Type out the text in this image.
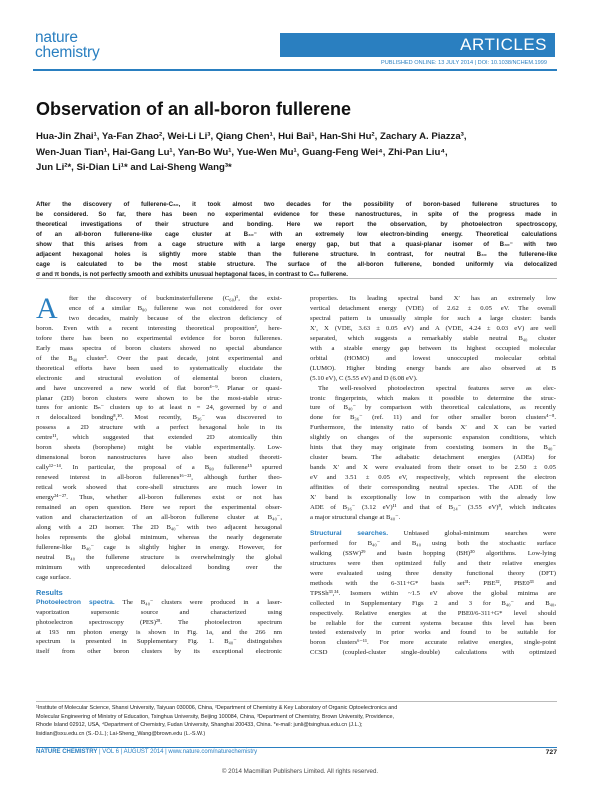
nature
chemistry	ARTICLES
PUBLISHED ONLINE: 13 JULY 2014 | DOI: 10.1038/NCHEM.1999
Observation of an all-boron fullerene
Hua-Jin Zhai¹, Ya-Fan Zhao², Wei-Li Li³, Qiang Chen¹, Hui Bai¹, Han-Shi Hu², Zachary A. Piazza³,
Wen-Juan Tian¹, Hai-Gang Lu¹, Yan-Bo Wu¹, Yue-Wen Mu¹, Guang-Feng Wei⁴, Zhi-Pan Liu⁴,
Jun Li²*, Si-Dian Li¹* and Lai-Sheng Wang³*
After the discovery of fullerene-C₆₀, it took almost two decades for the possibility of boron-based fullerene structures to
be considered. So far, there has been no experimental evidence for these nanostructures, in spite of the progress made in
theoretical investigations of their structure and bonding. Here we report the observation, by photoelectron spectroscopy,
of an all-boron fullerene-like cage cluster at B₄₀⁻ with an extremely low electron-binding energy. Theoretical calculations
show that this arises from a cage structure with a large energy gap, but that a quasi-planar isomer of B₄₀⁻ with two
adjacent hexagonal holes is slightly more stable than the fullerene structure. In contrast, for neutral B₄₀ the fullerene-like
cage is calculated to be the most stable structure. The surface of the all-boron fullerene, bonded uniformly via delocalized
σ and π bonds, is not perfectly smooth and exhibits unusual heptagonal faces, in contrast to C₆₀ fullerene.
A	fter the discovery of buckminsterfullerene (C₆₀)¹, the exist-
ence of a similar B₈₀ fullerene was not considered for over
two decades, mainly because of the electron deficiency of
boron. Even with a recent interesting theoretical proposition², here-
tofore there has been no experimental evidence for boron fullerenes.
Early mass spectra of boron clusters showed no special abundance
of the B₄₀ cluster³. Over the past decade, joint experimental and
theoretical efforts have been used to systematically elucidate the
electronic and structural evolution of elemental boron clusters,
and have uncovered a new world of flat boron⁴⁻⁹. Planar or quasi-
planar (2D) boron clusters were shown to be the most-stable struc-
tures for anionic Bₙ⁻ clusters up to at least n = 24, governed by σ and
π delocalized bonding⁸,¹⁰. Most recently, B₃₆⁻ was discovered to
possess a 2D structure with a perfect hexagonal hole in its
centre¹¹, which suggested that extended 2D atomically thin
boron sheets (borophene) might be viable experimentally. Low-
dimensional boron nanostructures have also been studied theoreti-
cally¹²⁻¹⁴. In particular, the proposal of a B₈₀ fullerene¹⁵ spurred
renewed interest in all-boron fullerenes¹⁶⁻²³, although further theo-
retical work showed that core-shell structures are much lower in
energy²⁴⁻²⁷. Thus, whether all-boron fullerenes exist or not has
remained an open question. Here we report the experimental obser-
vation and characterization of an all-boron fullerene cluster at B₄₀⁻,
along with a 2D isomer. The 2D B₄₀⁻ with two adjacent hexagonal
holes represents the global minimum, whereas the nearly degenerate
fullerene-like B₄₀⁻ cage is slightly higher in energy. However, for
neutral B₄₀ the fullerene structure is overwhelmingly the global
minimum with unprecedented delocalized bonding over the
cage surface.
Results
Photoelectron spectra. The B₄₀⁻ clusters were produced in a laser-
vaporization supersonic source and characterized using
photoelectron spectroscopy (PES)²⁸. The photoelectron spectrum
at 193 nm photon energy is shown in Fig. 1a, and the 266 nm
spectrum is presented in Supplementary Fig. 1. B₄₀⁻ distinguishes
itself from other boron clusters by its exceptional electronic
properties. Its leading spectral band X′ has an extremely low
vertical detachment energy (VDE) of 2.62 ± 0.05 eV. The overall
spectral pattern is unusually simple for such a large cluster: bands
X′, X (VDE, 3.63 ± 0.05 eV) and A (VDE, 4.24 ± 0.03 eV) are well
separated, which suggests a remarkably stable neutral B₄₀ cluster
with a sizable energy gap between its highest occupied molecular
orbital (HOMO) and lowest unoccupied molecular orbital
(LUMO). Higher binding energy bands are also observed at B
(5.10 eV), C (5.55 eV) and D (6.08 eV).
The well-resolved photoelectron spectral features serve as elec-
tronic fingerprints, which makes it possible to determine the struc-
ture of B₄₀⁻ by comparison with theoretical calculations, as recently
done for B₃₆⁻ (ref. 11) and for other smaller boron clusters⁴⁻⁸.
Furthermore, the intensity ratio of bands X′ and X can be varied
slightly on changes of the supersonic expansion conditions, which
hints that they may originate from coexisting isomers in the B₄₀⁻
cluster beam. The adiabatic detachment energies (ADEs) for
bands X′ and X were evaluated from their onset to be 2.50 ± 0.05
eV and 3.51 ± 0.05 eV, respectively, which represent the electron
affinities of their corresponding neutral species. The ADE of the
X′ band is exceptionally low in comparison with the already low
ADE of B₃₆⁻ (3.12 eV)¹¹ and that of B₂₄⁻ (3.55 eV)⁸, which indicates
a major structural change at B₄₀⁻.
Structural searches. Unbiased global-minimum searches were
performed for B₄₀⁻ and B₄₀ using both the stochastic surface
walking (SSW)²⁹ and basin hopping (BH)³⁰ algorithms. Low-lying
structures were then optimized fully and their relative energies
were evaluated using three density functional theory (DFT)
methods with the 6-311+G* basis set³¹: PBE³², PBE0³³ and
TPSSh³³,³⁴. Isomers within ~1.5 eV above the global minima are
collected in Supplementary Figs 2 and 3 for B₄₀⁻ and B₄₀,
respectively. Relative energies at the PBE0/6-311+G* level should
be reliable for the current systems because this level has been
tested extensively in prior works and found to be suitable for
boron clusters⁶⁻¹¹. For more accurate relative energies, single-point
CCSD (coupled-cluster single-double) calculations with optimized
¹Institute of Molecular Science, Shanxi University, Taiyuan 030006, China, ²Department of Chemistry & Key Laboratory of Organic Optoelectronics and
Molecular Engineering of Ministry of Education, Tsinghua University, Beijing 100084, China, ³Department of Chemistry, Brown University, Providence,
Rhode Island 02912, USA, ⁴Department of Chemistry, Fudan University, Shanghai 200433, China. *e-mail: junli@tsinghua.edu.cn (J.L.);
lisidian@sxu.edu.cn (S.-D.L.); Lai-Sheng_Wang@brown.edu (L.-S.W.)
NATURE CHEMISTRY | VOL 6 | AUGUST 2014 | www.nature.com/naturechemistry	727
© 2014 Macmillan Publishers Limited. All rights reserved.
